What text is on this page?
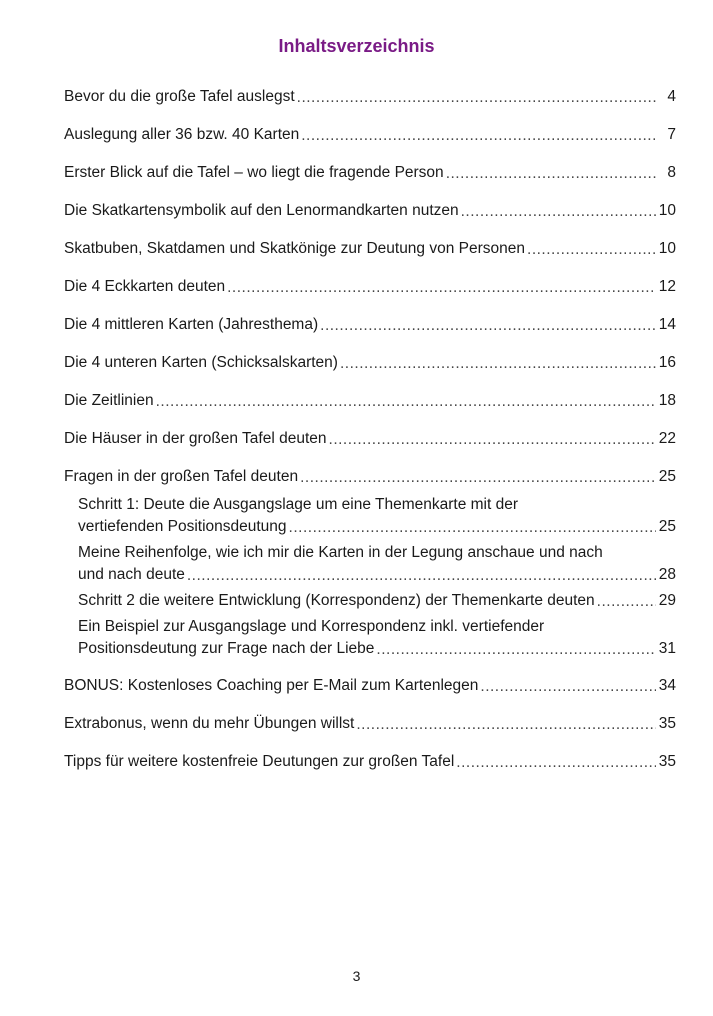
Inhaltsverzeichnis
Bevor du die große Tafel auslegst .....	4
Auslegung aller 36 bzw. 40 Karten .....	7
Erster Blick auf die Tafel – wo liegt die fragende Person .....	8
Die Skatkartensymbolik auf den Lenormandkarten nutzen .....	10
Skatbuben, Skatdamen und Skatkönige zur Deutung von Personen .....	10
Die 4 Eckkarten deuten .....	12
Die 4 mittleren Karten (Jahresthema) .....	14
Die 4 unteren Karten (Schicksalskarten) .....	16
Die Zeitlinien .....	18
Die Häuser in der großen Tafel deuten .....	22
Fragen in der großen Tafel deuten .....	25
Schritt 1: Deute die Ausgangslage um eine Themenkarte mit der
vertiefenden Positionsdeutung .....	25
Meine Reihenfolge, wie ich mir die Karten in der Legung anschaue und nach
und nach deute .....	28
Schritt 2 die weitere Entwicklung (Korrespondenz) der Themenkarte deuten .....	29
Ein Beispiel zur Ausgangslage und Korrespondenz inkl. vertiefender
Positionsdeutung zur Frage nach der Liebe .....	31
BONUS: Kostenloses Coaching per E-Mail zum Kartenlegen .....	34
Extrabonus, wenn du mehr Übungen willst .....	35
Tipps für weitere kostenfreie Deutungen zur großen Tafel .....	35
3
